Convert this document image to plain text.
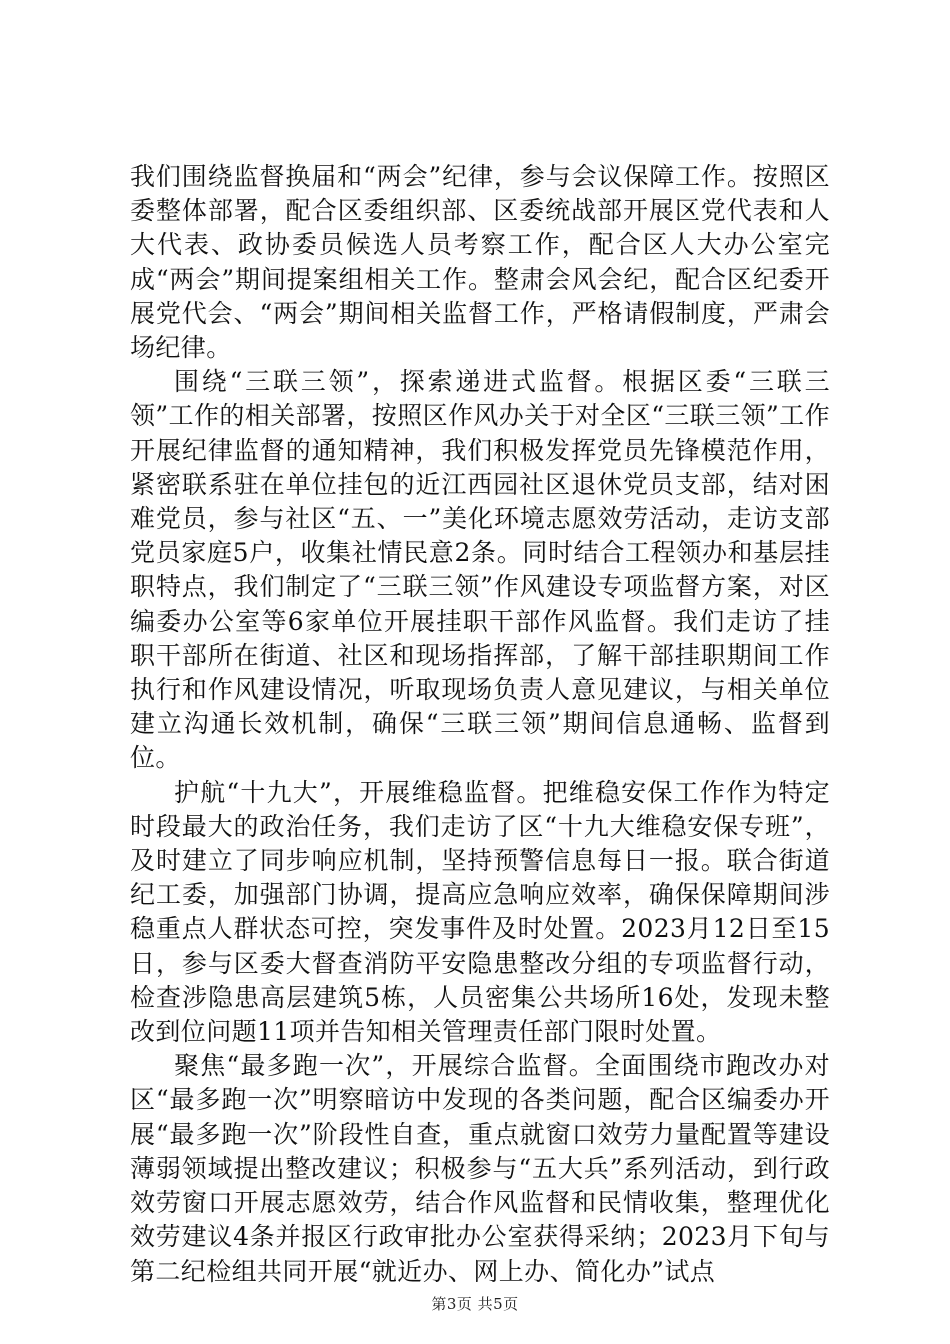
我们围绕监督换届和“两会”纪律，参与会议保障工作。按照区委整体部署，配合区委组织部、区委统战部开展区党代表和人大代表、政协委员候选人员考察工作，配合区人大办公室完成“两会”期间提案组相关工作。整肃会风会纪，配合区纪委开展党代会、“两会”期间相关监督工作，严格请假制度，严肃会场纪律。

围绕“三联三领”，探索递进式监督。根据区委“三联三领”工作的相关部署，按照区作风办关于对全区“三联三领”工作开展纪律监督的通知精神，我们积极发挥党员先锋模范作用，紧密联系驻在单位挂包的近江西园社区退休党员支部，结对困难党员，参与社区“五、一”美化环境志愿效劳活动，走访支部党员家庭5户，收集社情民意2条。同时结合工程领办和基层挂职特点，我们制定了“三联三领”作风建设专项监督方案，对区编委办公室等6家单位开展挂职干部作风监督。我们走访了挂职干部所在街道、社区和现场指挥部，了解干部挂职期间工作执行和作风建设情况，听取现场负责人意见建议，与相关单位建立沟通长效机制，确保“三联三领”期间信息通畅、监督到位。

护航“十九大”，开展维稳监督。把维稳安保工作作为特定时段最大的政治任务，我们走访了区“十九大维稳安保专班”，及时建立了同步响应机制，坚持预警信息每日一报。联合街道纪工委，加强部门协调，提高应急响应效率，确保保障期间涉稳重点人群状态可控，突发事件及时处置。2023月12日至15日，参与区委大督查消防平安隐患整改分组的专项监督行动，检查涉隐患高层建筑5栋，人员密集公共场所16处，发现未整改到位问题11项并告知相关管理责任部门限时处置。

聚焦“最多跑一次”，开展综合监督。全面围绕市跑改办对区“最多跑一次”明察暗访中发现的各类问题，配合区编委办开展“最多跑一次”阶段性自查，重点就窗口效劳力量配置等建设薄弱领域提出整改建议；积极参与“五大兵”系列活动，到行政效劳窗口开展志愿效劳，结合作风监督和民情收集，整理优化效劳建议4条并报区行政审批办公室获得采纳；2023月下旬与第二纪检组共同开展“就近办、网上办、简化办”试点

第3页 共5页
